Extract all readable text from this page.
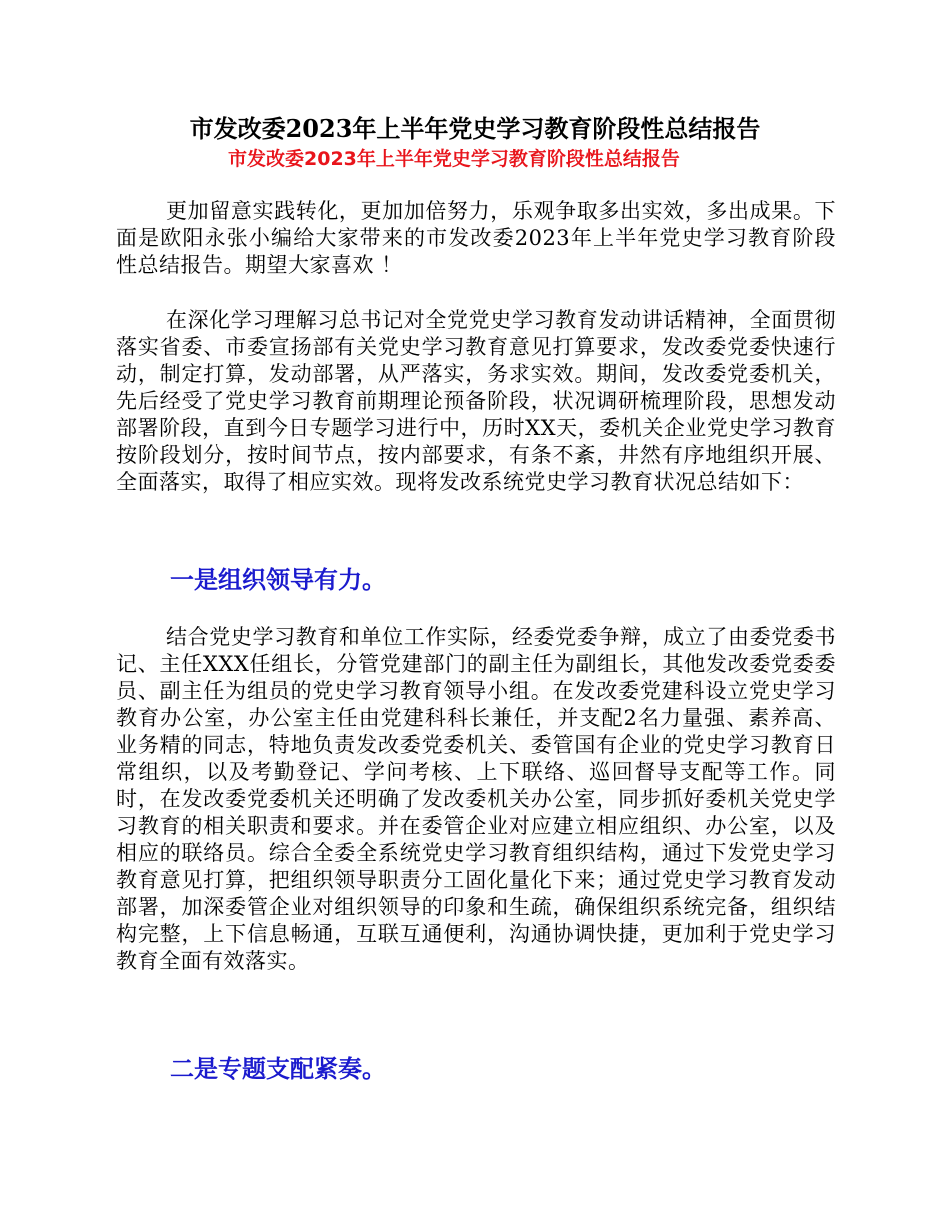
市发改委2023年上半年党史学习教育阶段性总结报告
市发改委2023年上半年党史学习教育阶段性总结报告
更加留意实践转化，更加加倍努力，乐观争取多出实效，多出成果。下面是欧阳永张小编给大家带来的市发改委2023年上半年党史学习教育阶段性总结报告。期望大家喜欢 ！
在深化学习理解习总书记对全党党史学习教育发动讲话精神，全面贯彻落实省委、市委宣扬部有关党史学习教育意见打算要求，发改委党委快速行动，制定打算，发动部署，从严落实，务求实效。期间，发改委党委机关，先后经受了党史学习教育前期理论预备阶段，状况调研梳理阶段，思想发动部署阶段，直到今日专题学习进行中，历时XX天，委机关企业党史学习教育按阶段划分，按时间节点，按内部要求，有条不紊，井然有序地组织开展、全面落实，取得了相应实效。现将发改系统党史学习教育状况总结如下：
一是组织领导有力。
结合党史学习教育和单位工作实际，经委党委争辩，成立了由委党委书记、主任XXX任组长，分管党建部门的副主任为副组长，其他发改委党委委员、副主任为组员的党史学习教育领导小组。在发改委党建科设立党史学习教育办公室，办公室主任由党建科科长兼任，并支配2名力量强、素养高、业务精的同志，特地负责发改委党委机关、委管国有企业的党史学习教育日常组织，以及考勤登记、学问考核、上下联络、巡回督导支配等工作。同时，在发改委党委机关还明确了发改委机关办公室，同步抓好委机关党史学习教育的相关职责和要求。并在委管企业对应建立相应组织、办公室，以及相应的联络员。综合全委全系统党史学习教育组织结构，通过下发党史学习教育意见打算，把组织领导职责分工固化量化下来；通过党史学习教育发动部署，加深委管企业对组织领导的印象和生疏，确保组织系统完备，组织结构完整，上下信息畅通，互联互通便利，沟通协调快捷，更加利于党史学习教育全面有效落实。
二是专题支配紧奏。
